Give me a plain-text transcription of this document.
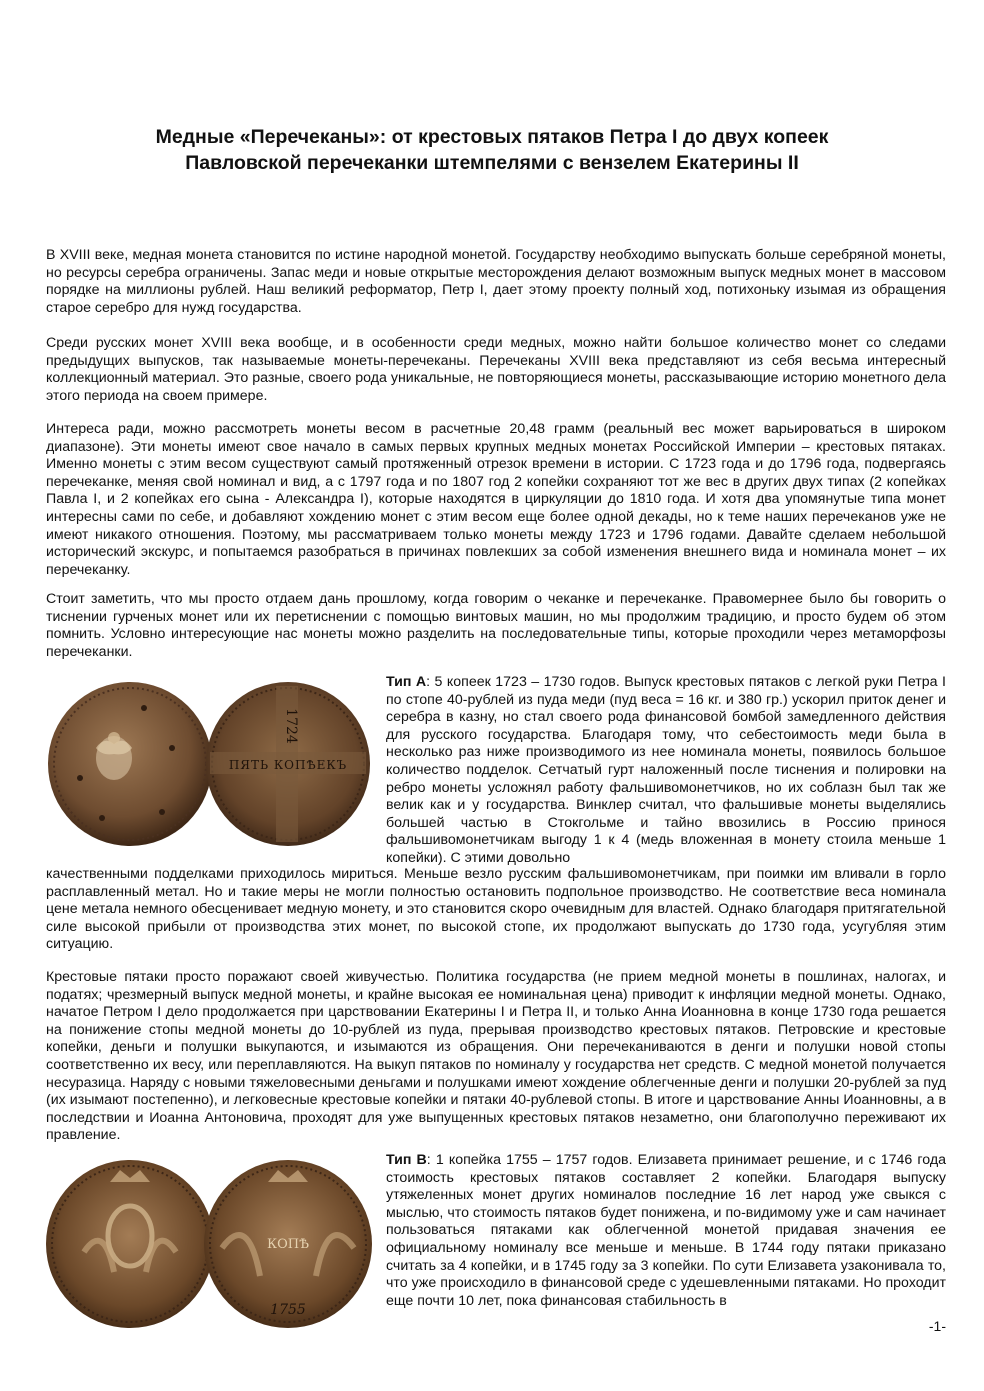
Медные «Перечеканы»: от крестовых пятаков Петра I до двух копеек
Павловской перечеканки штемпелями с вензелем Екатерины II

В XVIII веке, медная монета становится по истине народной монетой. Государству необходимо выпускать больше серебряной монеты, но ресурсы серебра ограничены. Запас меди и новые открытые месторождения делают возможным выпуск медных монет в массовом порядке на миллионы рублей. Наш великий реформатор, Петр I, дает этому проекту полный ход, потихоньку изымая из обращения старое серебро для нужд государства.

Среди русских монет XVIII века вообще, и в особенности среди медных, можно найти большое количество монет со следами предыдущих выпусков, так называемые монеты-перечеканы. Перечеканы XVIII века представляют из себя весьма интересный коллекционный материал. Это разные, своего рода уникальные, не повторяющиеся монеты, рассказывающие историю монетного дела этого периода на своем примере.

Интереса ради, можно рассмотреть монеты весом в расчетные 20,48 грамм (реальный вес может варьироваться в широком диапазоне). Эти монеты имеют свое начало в самых первых крупных медных монетах Российской Империи – крестовых пятаках. Именно монеты с этим весом существуют самый протяженный отрезок времени в истории. С 1723 года и до 1796 года, подвергаясь перечеканке, меняя свой номинал и вид, а с 1797 года и по 1807 год 2 копейки сохраняют тот же вес в других двух типах (2 копейках Павла I, и 2 копейках его сына - Александра I), которые находятся в циркуляции до 1810 года. И хотя два упомянутые типа монет интересны сами по себе, и добавляют хождению монет с этим весом еще более одной декады, но к теме наших перечеканов уже не имеют никакого отношения. Поэтому, мы рассматриваем только монеты между 1723 и 1796 годами. Давайте сделаем небольшой исторический экскурс, и попытаемся разобраться в причинах повлекших за собой изменения внешнего вида и номинала монет – их перечеканку.

Стоит заметить, что мы просто отдаем дань прошлому, когда говорим о чеканке и перечеканке. Правомернее было бы говорить о тиснении гурченых монет или их перетиснении с помощью винтовых машин, но мы продолжим традицию, и просто будем об этом помнить. Условно интересующие нас монеты можно разделить на последовательные типы, которые проходили через метаморфозы перечеканки.

ПЯТЬ КОПѢЕКЪ
1724

Тип А: 5 копеек 1723 – 1730 годов. Выпуск крестовых пятаков с легкой руки Петра I по стопе 40-рублей из пуда меди (пуд веса = 16 кг. и 380 гр.) ускорил приток денег и серебра в казну, но стал своего рода финансовой бомбой замедленного действия для русского государства. Благодаря тому, что себестоимость меди была в несколько раз ниже производимого из нее номинала монеты, появилось большое количество подделок. Сетчатый гурт наложенный после тиснения и полировки на ребро монеты усложнял работу фальшивомонетчиков, но их соблазн был так же велик как и у государства. Винклер считал, что фальшивые монеты выделялись большей частью в Стокгольме и тайно ввозились в Россию принося фальшивомонетчикам выгоду 1 к 4 (медь вложенная в монету стоила меньше 1 копейки). С этими довольно

качественными подделками приходилось мириться. Меньше везло русским фальшивомонетчикам, при поимки им вливали в горло расплавленный метал. Но и такие меры не могли полностью остановить подпольное производство. Не соответствие веса номинала цене метала немного обесценивает медную монету, и это становится скоро очевидным для властей. Однако благодаря притягательной силе высокой прибыли от производства этих монет, по высокой стопе, их продолжают выпускать до 1730 года, усугубляя этим ситуацию.

Крестовые пятаки просто поражают своей живучестью. Политика государства (не прием медной монеты в пошлинах, налогах, и податях; чрезмерный выпуск медной монеты, и крайне высокая ее номинальная цена) приводит к инфляции медной монеты. Однако, начатое Петром I дело продолжается при царствовании Екатерины I и Петра II, и только Анна Иоанновна в конце 1730 года решается на понижение стопы медной монеты до 10-рублей из пуда, прерывая производство крестовых пятаков. Петровские и крестовые копейки, деньги и полушки выкупаются, и изымаются из обращения. Они перечеканиваются в денги и полушки новой стопы соответственно их весу, или переплавляются. На выкуп пятаков по номиналу у государства нет средств. С медной монетой получается несуразица. Наряду с новыми тяжеловесными деньгами и полушками имеют хождение облегченные денги и полушки 20-рублей за пуд (их изымают постепенно), и легковесные крестовые копейки и пятаки 40-рублевой стопы. В итоге и царствование Анны Иоанновны, а в последствии и Иоанна Антоновича, проходят для уже выпущенных крестовых пятаков незаметно, они благополучно переживают их правление.

КОПѢ
1755

Тип В: 1 копейка 1755 – 1757 годов. Елизавета принимает решение, и с 1746 года стоимость крестовых пятаков составляет 2 копейки. Благодаря выпуску утяжеленных монет других номиналов последние 16 лет народ уже свыкся с мыслью, что стоимость пятаков будет понижена, и по-видимому уже и сам начинает пользоваться пятаками как облегченной монетой придавая значения ее официальному номиналу все меньше и меньше. В 1744 году пятаки приказано считать за 4 копейки, и в 1745 году за 3 копейки. По сути Елизавета узаконивала то, что уже происходило в финансовой среде с удешевленными пятаками. Но проходит еще почти 10 лет, пока финансовая стабильность в

-1-
